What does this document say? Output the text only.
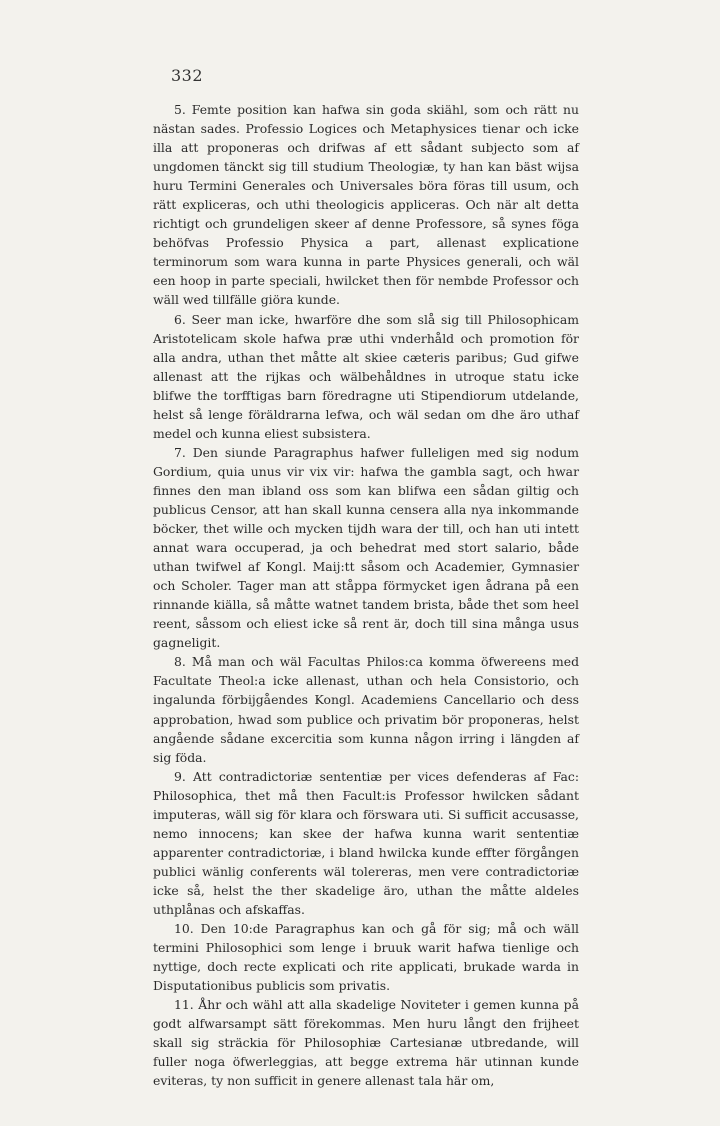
332

5. Femte position kan hafwa sin goda skiähl, som och rätt nu nästan sades. Professio Logices och Metaphysices tienar och icke illa att proponeras och drifwas af ett sådant subjecto som af ungdomen tänckt sig till studium Theologiæ, ty han kan bäst wijsa huru Termini Generales och Universales böra föras till usum, och rätt expliceras, och uthi theologicis appliceras. Och när alt detta richtigt och grundeligen skeer af denne Professore, så synes föga behöfvas Professio Physica a part, allenast explicatione terminorum som wara kunna in parte Physices generali, och wäl een hoop in parte speciali, hwilcket then för nembde Professor och wäll wed tillfälle giöra kunde.

6. Seer man icke, hwarföre dhe som slå sig till Philosophicam Aristotelicam skole hafwa præ uthi vnderhåld och promotion för alla andra, uthan thet måtte alt skiee cæteris paribus; Gud gifwe allenast att the rijkas och wälbehåldnes in utroque statu icke blifwe the torfftigas barn föredragne uti Stipendiorum utdelande, helst så lenge föräldrarna lefwa, och wäl sedan om dhe äro uthaf medel och kunna eliest subsistera.

7. Den siunde Paragraphus hafwer fulleligen med sig nodum Gordium, quia unus vir vix vir: hafwa the gambla sagt, och hwar finnes den man ibland oss som kan blifwa een sådan giltig och publicus Censor, att han skall kunna censera alla nya inkommande böcker, thet wille och mycken tijdh wara der till, och han uti intett annat wara occuperad, ja och behedrat med stort salario, både uthan twifwel af Kongl. Maij:tt såsom och Academier, Gymnasier och Scholer. Tager man att ståppa förmycket igen ådrana på een rinnande kiälla, så måtte watnet tandem brista, både thet som heel reent, såssom och eliest icke så rent är, doch till sina många usus gagneligit.

8. Må man och wäl Facultas Philos:ca komma öfwereens med Facultate Theol:a icke allenast, uthan och hela Consistorio, och ingalunda förbijgåendes Kongl. Academiens Cancellario och dess approbation, hwad som publice och privatim bör proponeras, helst angående sådane excercitia som kunna någon irring i längden af sig föda.

9. Att contradictoriæ sententiæ per vices defenderas af Fac: Philosophica, thet må then Facult:is Professor hwilcken sådant imputeras, wäll sig för klara och förswara uti. Si sufficit accusasse, nemo innocens; kan skee der hafwa kunna warit sententiæ apparenter contradictoriæ, i bland hwilcka kunde effter förgången publici wänlig conferents wäl tolereras, men vere contradictoriæ icke så, helst the ther skadelige äro, uthan the måtte aldeles uthplånas och afskaffas.

10. Den 10:de Paragraphus kan och gå för sig; må och wäll termini Philosophici som lenge i bruuk warit hafwa tienlige och nyttige, doch recte explicati och rite applicati, brukade warda in Disputationibus publicis som privatis.

11. Åhr och wähl att alla skadelige Noviteter i gemen kunna på godt alfwarsampt sätt förekommas. Men huru långt den frijheet skall sig sträckia för Philosophiæ Cartesianæ utbredande, will fuller noga öfwerleggias, att begge extrema här utinnan kunde eviteras, ty non sufficit in genere allenast tala här om,
